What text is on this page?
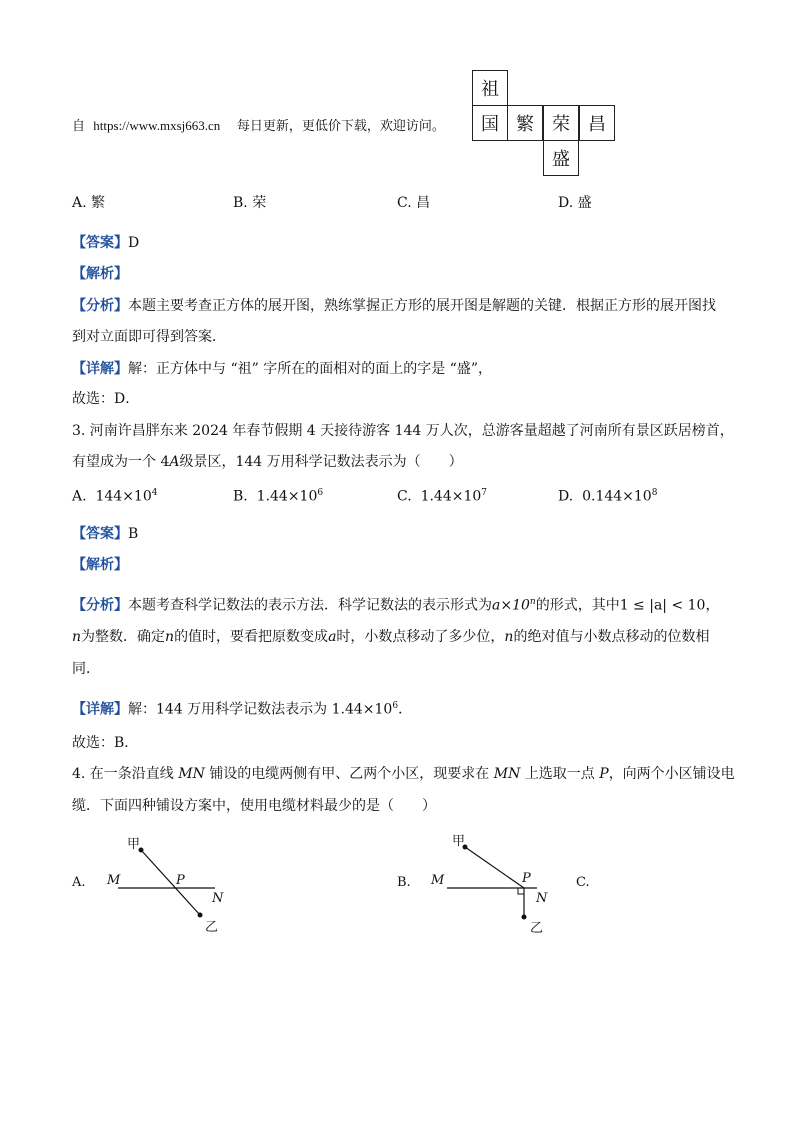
自 https://www.mxsj663.cn 每日更新，更低价下载，欢迎访问。
祖
国 繁	荣	昌
盛
A. 繁	B. 荣	C. 昌	D. 盛
【答案】D
【解析】
【分析】本题主要考查正方体的展开图，熟练掌握正方形的展开图是解题的关键．根据正方形的展开图找
到对立面即可得到答案．
【详解】解：正方体中与 “祖” 字所在的面相对的面上的字是 “盛”，
故选：D．
3. 河南许昌胖东来 2024 年春节假期 4 天接待游客 144 万人次，总游客量超越了河南所有景区跃居榜首，
有望成为一个 4A级景区，144 万用科学记数法表示为（　　）
A. $144\times 10^4$	B. $1.44\times 10^6$	C. $1.44\times 10^7$	D. $0.144\times 10^8$
【答案】B
【解析】
【分析】本题考查科学记数法的表示方法．科学记数法的表示形式为$a\times 10^n$的形式，其中1 ≤ |a| < 10，
n为整数．确定n的值时，要看把原数变成a时，小数点移动了多少位，n的绝对值与小数点移动的位数相
同．
【详解】解：144 万用科学记数法表示为 $1.44\times 10^6$．
故选：B．
4. 在一条沿直线 MN 铺设的电缆两侧有甲、乙两个小区，现要求在 MN 上选取一点 P，向两个小区铺设电
缆．下面四种铺设方案中，使用电缆材料最少的是（　　）
A.
甲
M	P
N
乙
B.
甲
M	P
N
乙
C.
